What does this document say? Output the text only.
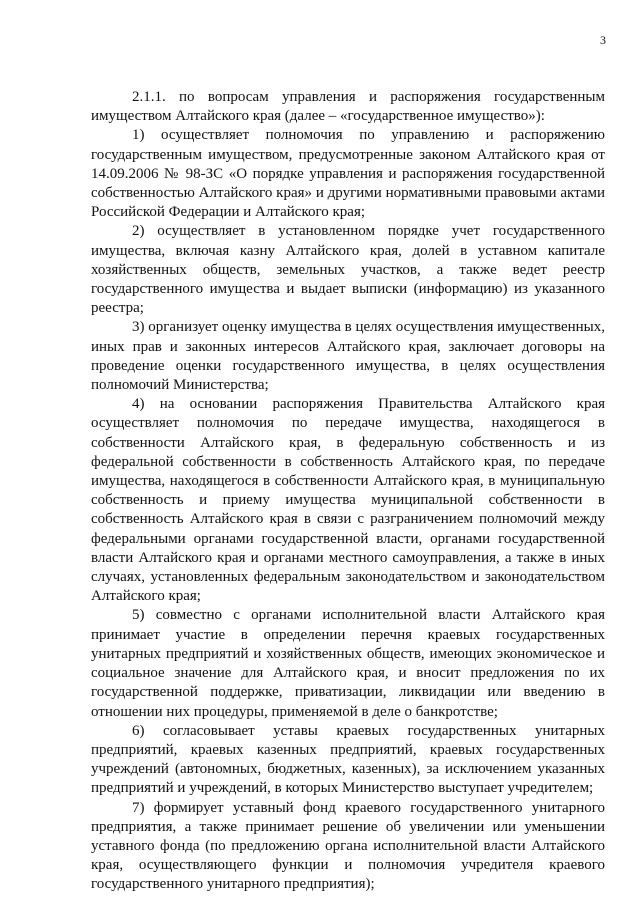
3

2.1.1. по вопросам управления и распоряжения государственным имуществом Алтайского края (далее – «государственное имущество»):

1) осуществляет полномочия по управлению и распоряжению государственным имуществом, предусмотренные законом Алтайского края от 14.09.2006 № 98-ЗС «О порядке управления и распоряжения государственной собственностью Алтайского края» и другими нормативными правовыми актами Российской Федерации и Алтайского края;

2) осуществляет в установленном порядке учет государственного имущества, включая казну Алтайского края, долей в уставном капитале хозяйственных обществ, земельных участков, а также ведет реестр государственного имущества и выдает выписки (информацию) из указанного реестра;

3) организует оценку имущества в целях осуществления имущественных, иных прав и законных интересов Алтайского края, заключает договоры на проведение оценки государственного имущества, в целях осуществления полномочий Министерства;

4) на основании распоряжения Правительства Алтайского края осуществляет полномочия по передаче имущества, находящегося в собственности Алтайского края, в федеральную собственность и из федеральной собственности в собственность Алтайского края, по передаче имущества, находящегося в собственности Алтайского края, в муниципальную собственность и приему имущества муниципальной собственности в собственность Алтайского края в связи с разграничением полномочий между федеральными органами государственной власти, органами государственной власти Алтайского края и органами местного самоуправления, а также в иных случаях, установленных федеральным законодательством и законодательством Алтайского края;

5) совместно с органами исполнительной власти Алтайского края принимает участие в определении перечня краевых государственных унитарных предприятий и хозяйственных обществ, имеющих экономическое и социальное значение для Алтайского края, и вносит предложения по их государственной поддержке, приватизации, ликвидации или введению в отношении них процедуры, применяемой в деле о банкротстве;

6) согласовывает уставы краевых государственных унитарных предприятий, краевых казенных предприятий, краевых государственных учреждений (автономных, бюджетных, казенных), за исключением указанных предприятий и учреждений, в которых Министерство выступает учредителем;

7) формирует уставный фонд краевого государственного унитарного предприятия, а также принимает решение об увеличении или уменьшении уставного фонда (по предложению органа исполнительной власти Алтайского края, осуществляющего функции и полномочия учредителя краевого государственного унитарного предприятия);
